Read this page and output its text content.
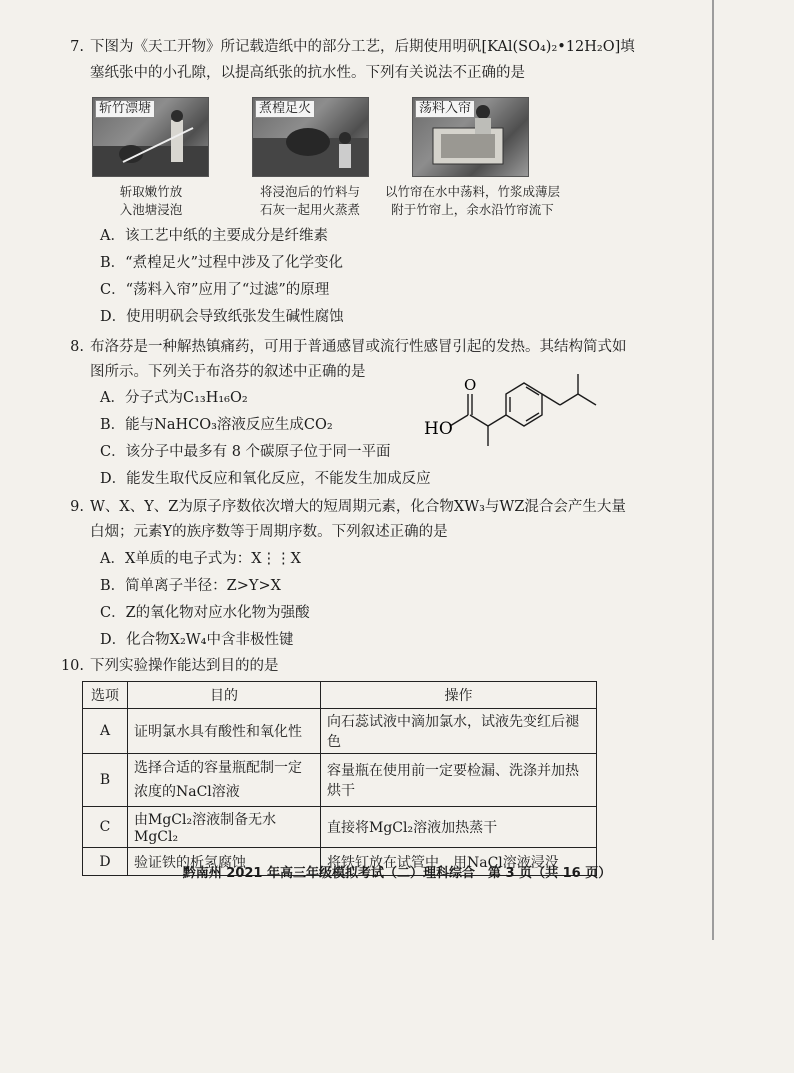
7. 下图为《天工开物》所记载造纸中的部分工艺，后期使用明矾[KAl(SO₄)₂•12H₂O]填
塞纸张中的小孔隙，以提高纸张的抗水性。下列有关说法不正确的是
斩竹漂塘	煮楻足火	荡料入帘
斩取嫩竹放
入池塘浸泡
将浸泡后的竹料与
石灰一起用火蒸煮
以竹帘在水中荡料，竹浆成薄层
附于竹帘上，余水沿竹帘流下
A．该工艺中纸的主要成分是纤维素
B．“煮楻足火”过程中涉及了化学变化
C．“荡料入帘”应用了“过滤”的原理
D．使用明矾会导致纸张发生碱性腐蚀
8. 布洛芬是一种解热镇痛药，可用于普通感冒或流行性感冒引起的发热。其结构简式如
图所示。下列关于布洛芬的叙述中正确的是
A．分子式为C₁₃H₁₆O₂
B．能与NaHCO₃溶液反应生成CO₂
C．该分子中最多有 8 个碳原子位于同一平面
D．能发生取代反应和氧化反应，不能发生加成反应
HO
O
9. W、X、Y、Z为原子序数依次增大的短周期元素，化合物XW₃与WZ混合会产生大量
白烟；元素Y的族序数等于周期序数。下列叙述正确的是
A．X单质的电子式为：X⋮⋮X
B．简单离子半径：Z>Y>X
C．Z的氧化物对应水化物为强酸
D．化合物X₂W₄中含非极性键
10. 下列实验操作能达到目的的是
选项	目的	操作
A	证明氯水具有酸性和氧化性	向石蕊试液中滴加氯水，试液先变红后褪色
B	选择合适的容量瓶配制一定浓度的NaCl溶液	容量瓶在使用前一定要检漏、洗涤并加热烘干
C	由MgCl₂溶液制备无水MgCl₂	直接将MgCl₂溶液加热蒸干
D	验证铁的析氢腐蚀	将铁钉放在试管中，用NaCl溶液浸没
黔南州 2021 年高三年级模拟考试（二）理科综合　第 3 页（共 16 页）
